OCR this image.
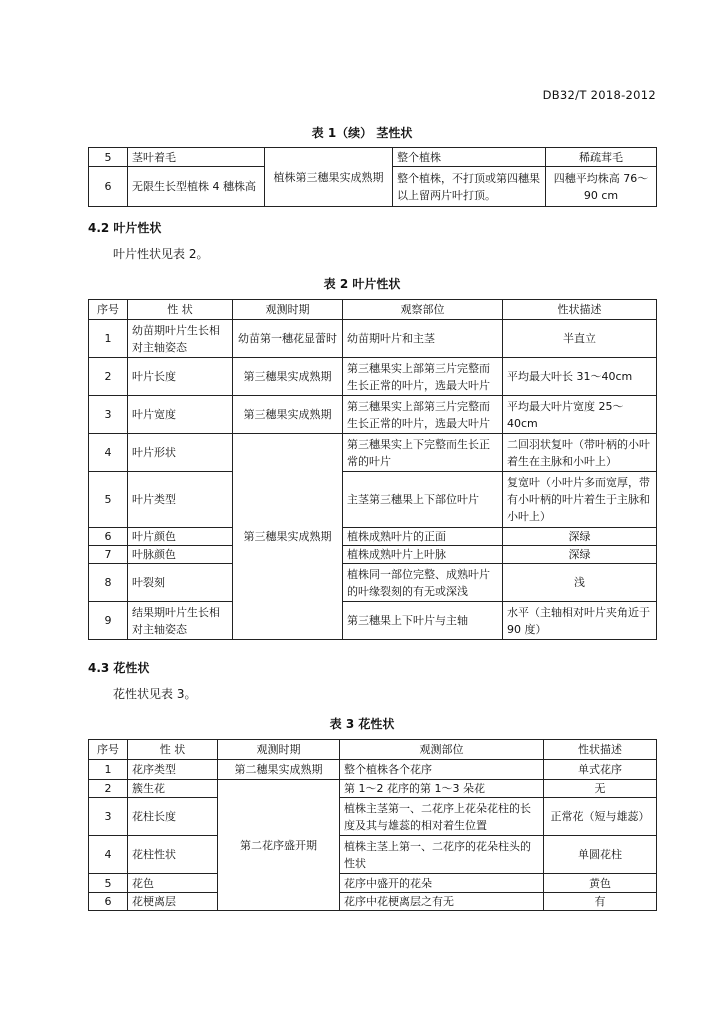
DB32/T 2018-2012
表 1（续） 茎性状
5	茎叶着毛	植株第三穗果实成熟期	整个植株	稀疏茸毛
6	无限生长型植株 4 穗株高		整个植株，不打顶或第四穗果以上留两片叶打顶。	四穗平均株高 76～90 cm
4.2 叶片性状
叶片性状见表 2。
表 2 叶片性状
序号	性 状	观测时期	观察部位	性状描述
1	幼苗期叶片生长相对主轴姿态	幼苗第一穗花显蕾时	幼苗期叶片和主茎	半直立
2	叶片长度	第三穗果实成熟期	第三穗果实上部第三片完整而生长正常的叶片，选最大叶片	平均最大叶长 31～40cm
3	叶片宽度	第三穗果实成熟期	第三穗果实上部第三片完整而生长正常的叶片，选最大叶片	平均最大叶片宽度 25～40cm
4	叶片形状	第三穗果实成熟期	第三穗果实上下完整而生长正常的叶片	二回羽状复叶（带叶柄的小叶着生在主脉和小叶上）
5	叶片类型		主茎第三穗果上下部位叶片	复宽叶（小叶片多而宽厚，带有小叶柄的叶片着生于主脉和小叶上）
6	叶片颜色		植株成熟叶片的正面	深绿
7	叶脉颜色		植株成熟叶片上叶脉	深绿
8	叶裂刻		植株同一部位完整、成熟叶片的叶缘裂刻的有无或深浅	浅
9	结果期叶片生长相对主轴姿态		第三穗果上下叶片与主轴	水平（主轴相对叶片夹角近于 90 度）
4.3 花性状
花性状见表 3。
表 3 花性状
序号	性 状	观测时期	观测部位	性状描述
1	花序类型	第二穗果实成熟期	整个植株各个花序	单式花序
2	簇生花	第二花序盛开期	第 1～2 花序的第 1～3 朵花	无
3	花柱长度		植株主茎第一、二花序上花朵花柱的长度及其与雄蕊的相对着生位置	正常花（短与雄蕊）
4	花柱性状		植株主茎上第一、二花序的花朵柱头的性状	单圆花柱
5	花色		花序中盛开的花朵	黄色
6	花梗离层		花序中花梗离层之有无	有
